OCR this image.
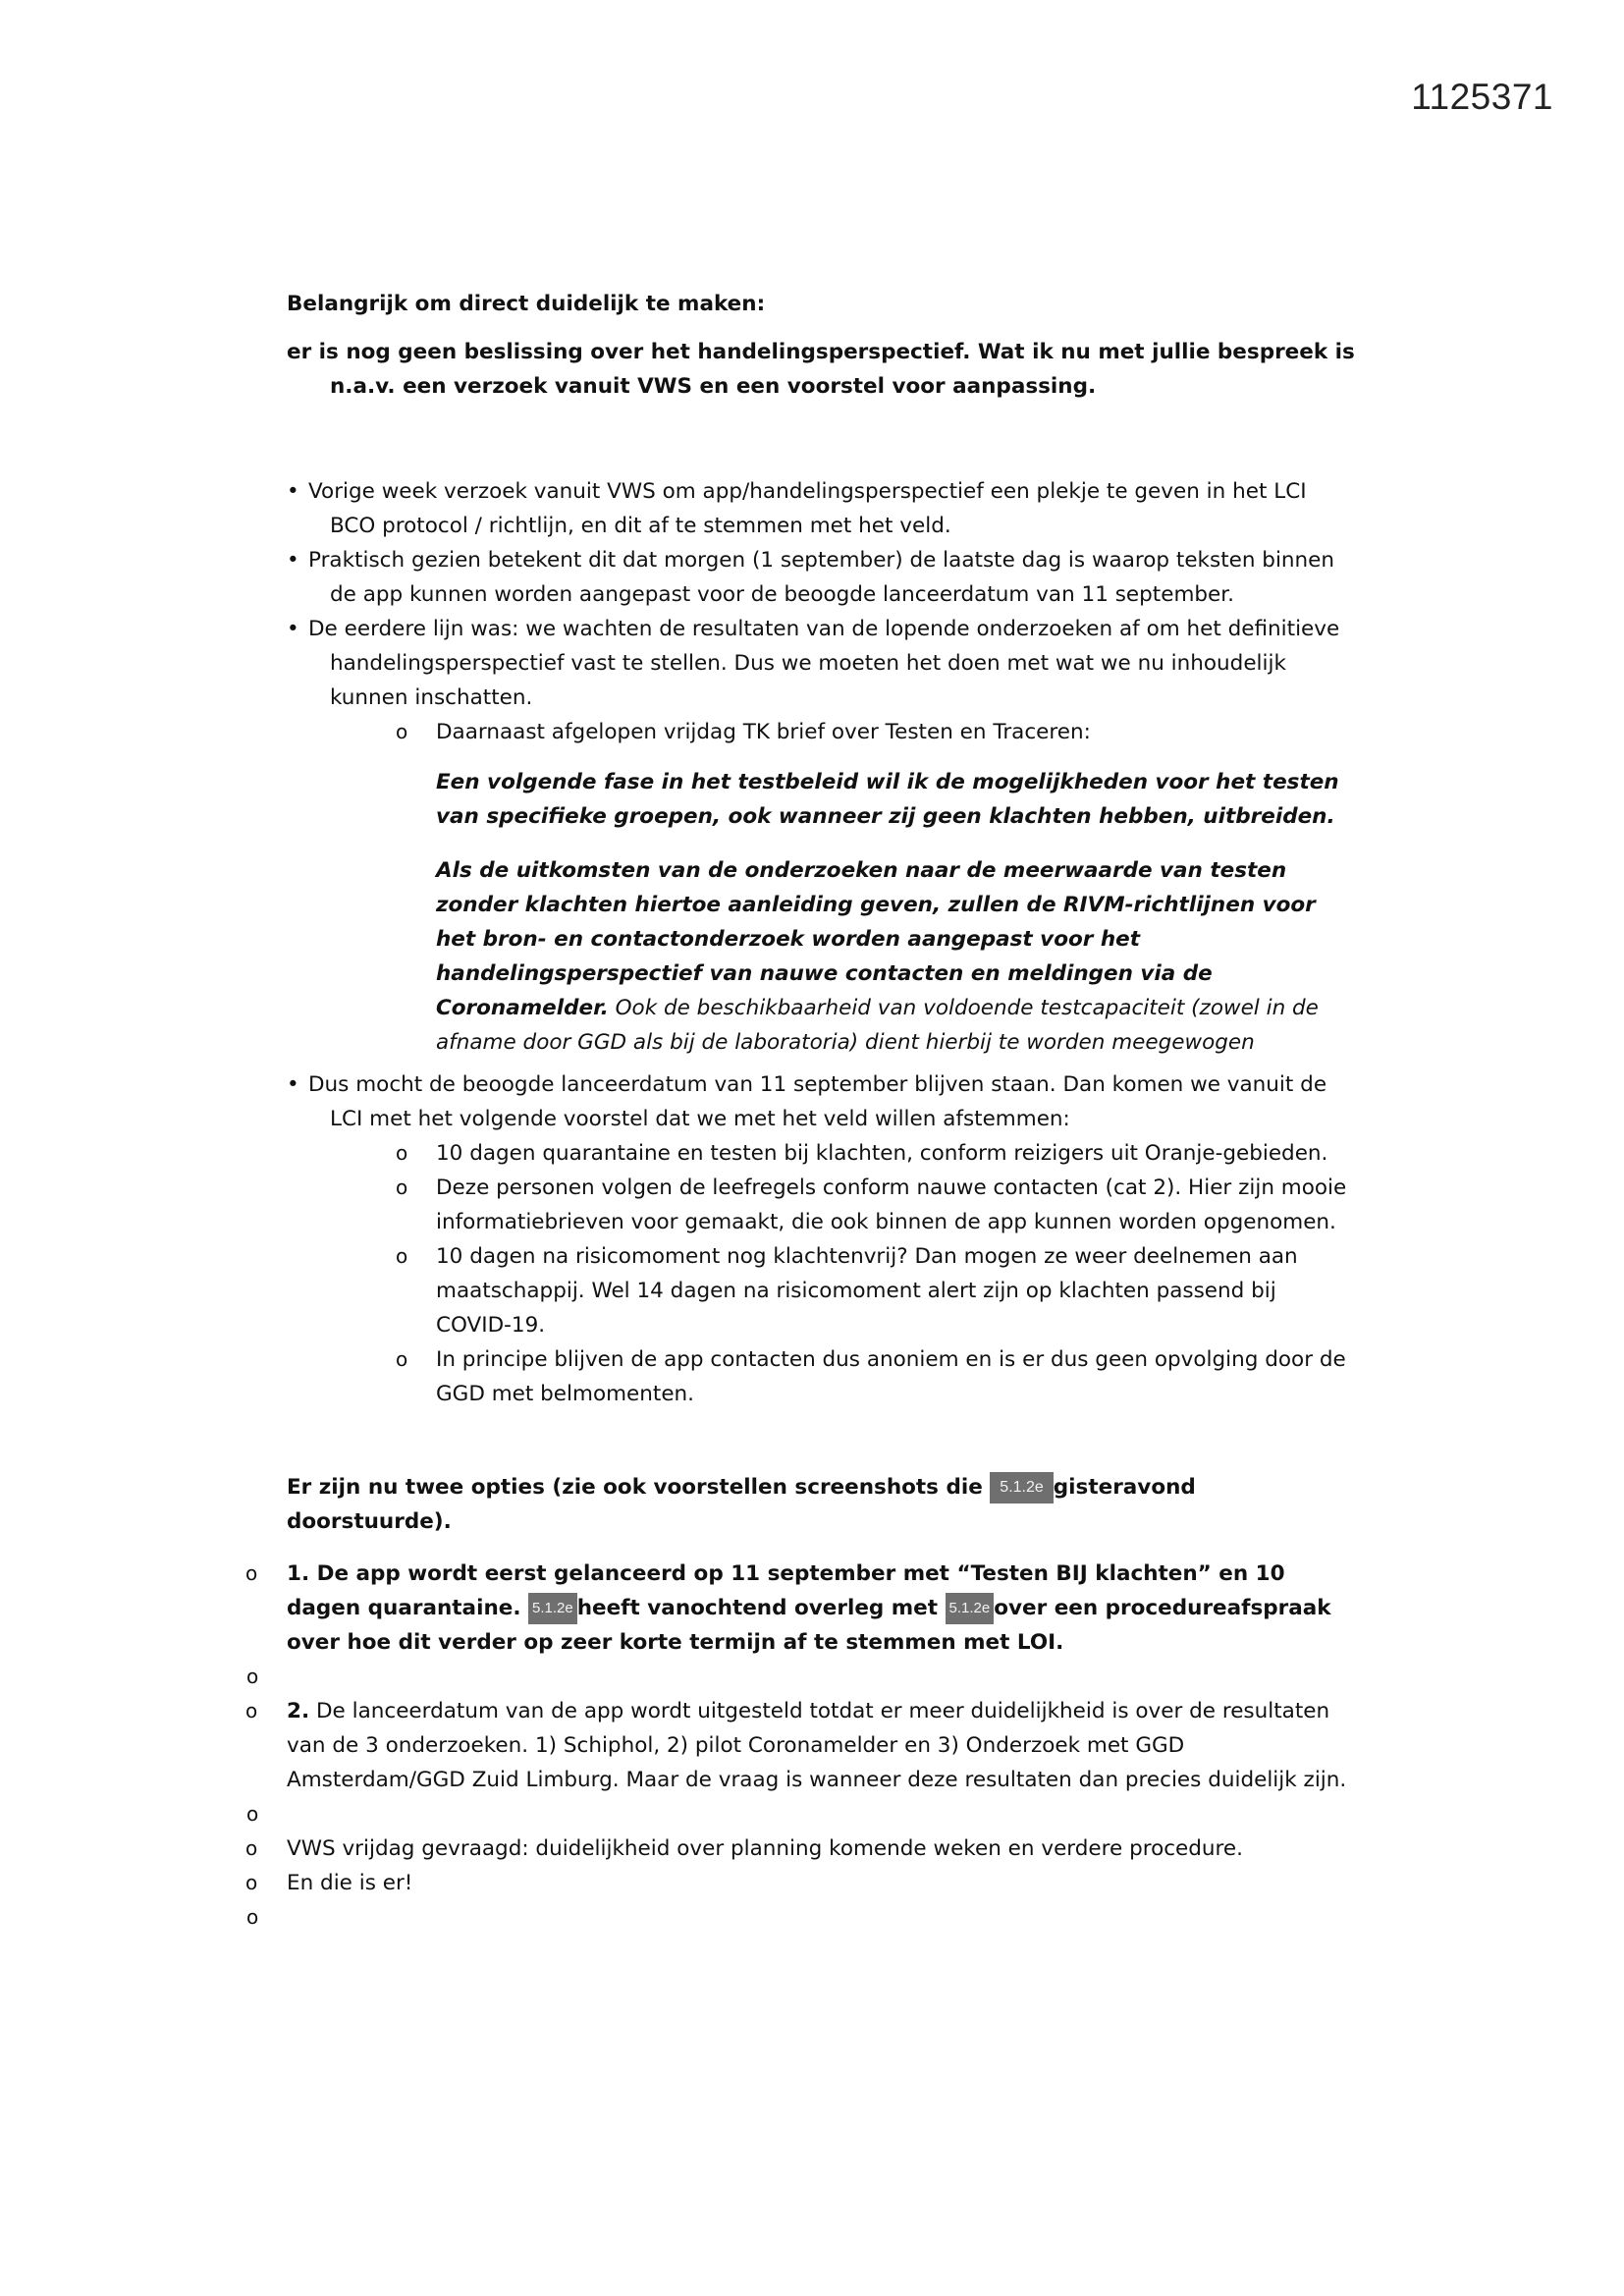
1125371

Belangrijk om direct duidelijk te maken:

er is nog geen beslissing over het handelingsperspectief. Wat ik nu met jullie bespreek is n.a.v. een verzoek vanuit VWS en een voorstel voor aanpassing.

• Vorige week verzoek vanuit VWS om app/handelingsperspectief een plekje te geven in het LCI BCO protocol / richtlijn, en dit af te stemmen met het veld.
• Praktisch gezien betekent dit dat morgen (1 september) de laatste dag is waarop teksten binnen de app kunnen worden aangepast voor de beoogde lanceerdatum van 11 september.
• De eerdere lijn was: we wachten de resultaten van de lopende onderzoeken af om het definitieve handelingsperspectief vast te stellen. Dus we moeten het doen met wat we nu inhoudelijk kunnen inschatten.
o Daarnaast afgelopen vrijdag TK brief over Testen en Traceren:

Een volgende fase in het testbeleid wil ik de mogelijkheden voor het testen van specifieke groepen, ook wanneer zij geen klachten hebben, uitbreiden.

Als de uitkomsten van de onderzoeken naar de meerwaarde van testen zonder klachten hiertoe aanleiding geven, zullen de RIVM-richtlijnen voor het bron- en contactonderzoek worden aangepast voor het handelingsperspectief van nauwe contacten en meldingen via de Coronamelder. Ook de beschikbaarheid van voldoende testcapaciteit (zowel in de afname door GGD als bij de laboratoria) dient hierbij te worden meegewogen

• Dus mocht de beoogde lanceerdatum van 11 september blijven staan. Dan komen we vanuit de LCI met het volgende voorstel dat we met het veld willen afstemmen:
o 10 dagen quarantaine en testen bij klachten, conform reizigers uit Oranje-gebieden.
o Deze personen volgen de leefregels conform nauwe contacten (cat 2). Hier zijn mooie informatiebrieven voor gemaakt, die ook binnen de app kunnen worden opgenomen.
o 10 dagen na risicomoment nog klachtenvrij? Dan mogen ze weer deelnemen aan maatschappij. Wel 14 dagen na risicomoment alert zijn op klachten passend bij COVID-19.
o In principe blijven de app contacten dus anoniem en is er dus geen opvolging door de GGD met belmomenten.

Er zijn nu twee opties (zie ook voorstellen screenshots die 5.1.2e gisteravond doorstuurde).

o 1. De app wordt eerst gelanceerd op 11 september met “Testen BIJ klachten” en 10 dagen quarantaine. 5.1.2e heeft vanochtend overleg met 5.1.2e over een procedureafspraak over hoe dit verder op zeer korte termijn af te stemmen met LOI.

o
o 2. De lanceerdatum van de app wordt uitgesteld totdat er meer duidelijkheid is over de resultaten van de 3 onderzoeken. 1) Schiphol, 2) pilot Coronamelder en 3) Onderzoek met GGD Amsterdam/GGD Zuid Limburg. Maar de vraag is wanneer deze resultaten dan precies duidelijk zijn.

o
o VWS vrijdag gevraagd: duidelijkheid over planning komende weken en verdere procedure.

o En die is er!

o
